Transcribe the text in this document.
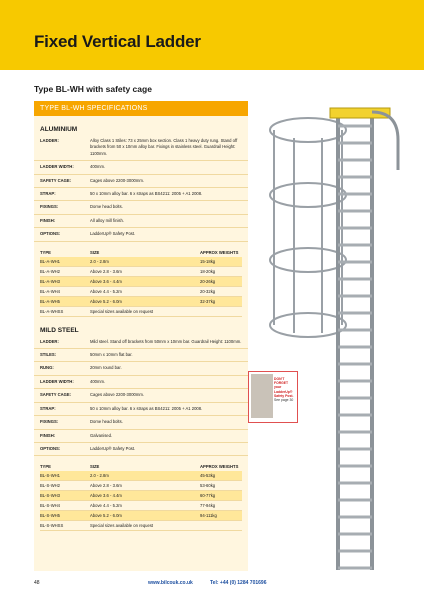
Fixed Vertical Ladder
Type BL-WH with safety cage
TYPE BL-WH SPECIFICATIONS
ALUMINIUM
LADDER:	Alloy Class 1 Stiles: 73 x 25mm box section. Class 1 heavy duty rung. Stand off brackets from 50 x 10mm alloy bar. Fixings in stainless steel. Guardrail Height: 1100mm.
LADDER WIDTH:	400mm.
SAFETY CAGE:	Cages above 2200-3000mm.
STRAP:	50 x 10mm alloy bar. 6 x straps as BS4211: 2005 + A1 2008.
FIXINGS:	Dome head bolts.
FINISH:	All alloy mill finish.
OPTIONS:	LadderUp® Safety Post.
TYPE	SIZE	APPROX WEIGHTS
BL-A-WH1	2.0 - 2.8m	15-18kg
BL-A-WH2	Above 2.8 - 3.6m	18-20kg
BL-A-WH3	Above 3.6 - 4.4m	20-26kg
BL-A-WH4	Above 4.4 - 5.2m	20-32kg
BL-A-WH5	Above 5.2 - 6.0m	32-37kg
BL-A-WHSS	Special sizes available on request
MILD STEEL
LADDER:	Mild steel. Stand off brackets from 50mm x 10mm bar. Guardrail Height: 1100mm.
STILES:	50mm x 10mm flat bar.
RUNG:	20mm round bar.
LADDER WIDTH:	400mm.
SAFETY CAGE:	Cages above 2200-3000mm.
STRAP:	50 x 10mm alloy bar. 6 x straps as BS4211: 2005 + A1 2008.
FIXINGS:	Dome head bolts.
FINISH:	Galvanised.
OPTIONS:	LadderUp® Safety Post.
TYPE	SIZE	APPROX WEIGHTS
BL-S-WH1	2.0 - 2.8m	45-53kg
BL-S-WH2	Above 2.8 - 3.6m	53-60kg
BL-S-WH3	Above 3.6 - 4.4m	60-77kg
BL-S-WH4	Above 4.4 - 5.2m	77-94kg
BL-S-WH5	Above 5.2 - 6.0m	94-111kg
BL-S-WHSS	Special sizes available on request
DON'T FORGET
your LadderUp®
Safety Post.
See page 30
48	www.bilcouk.co.uk	Tel: +44 (0) 1284 701696
